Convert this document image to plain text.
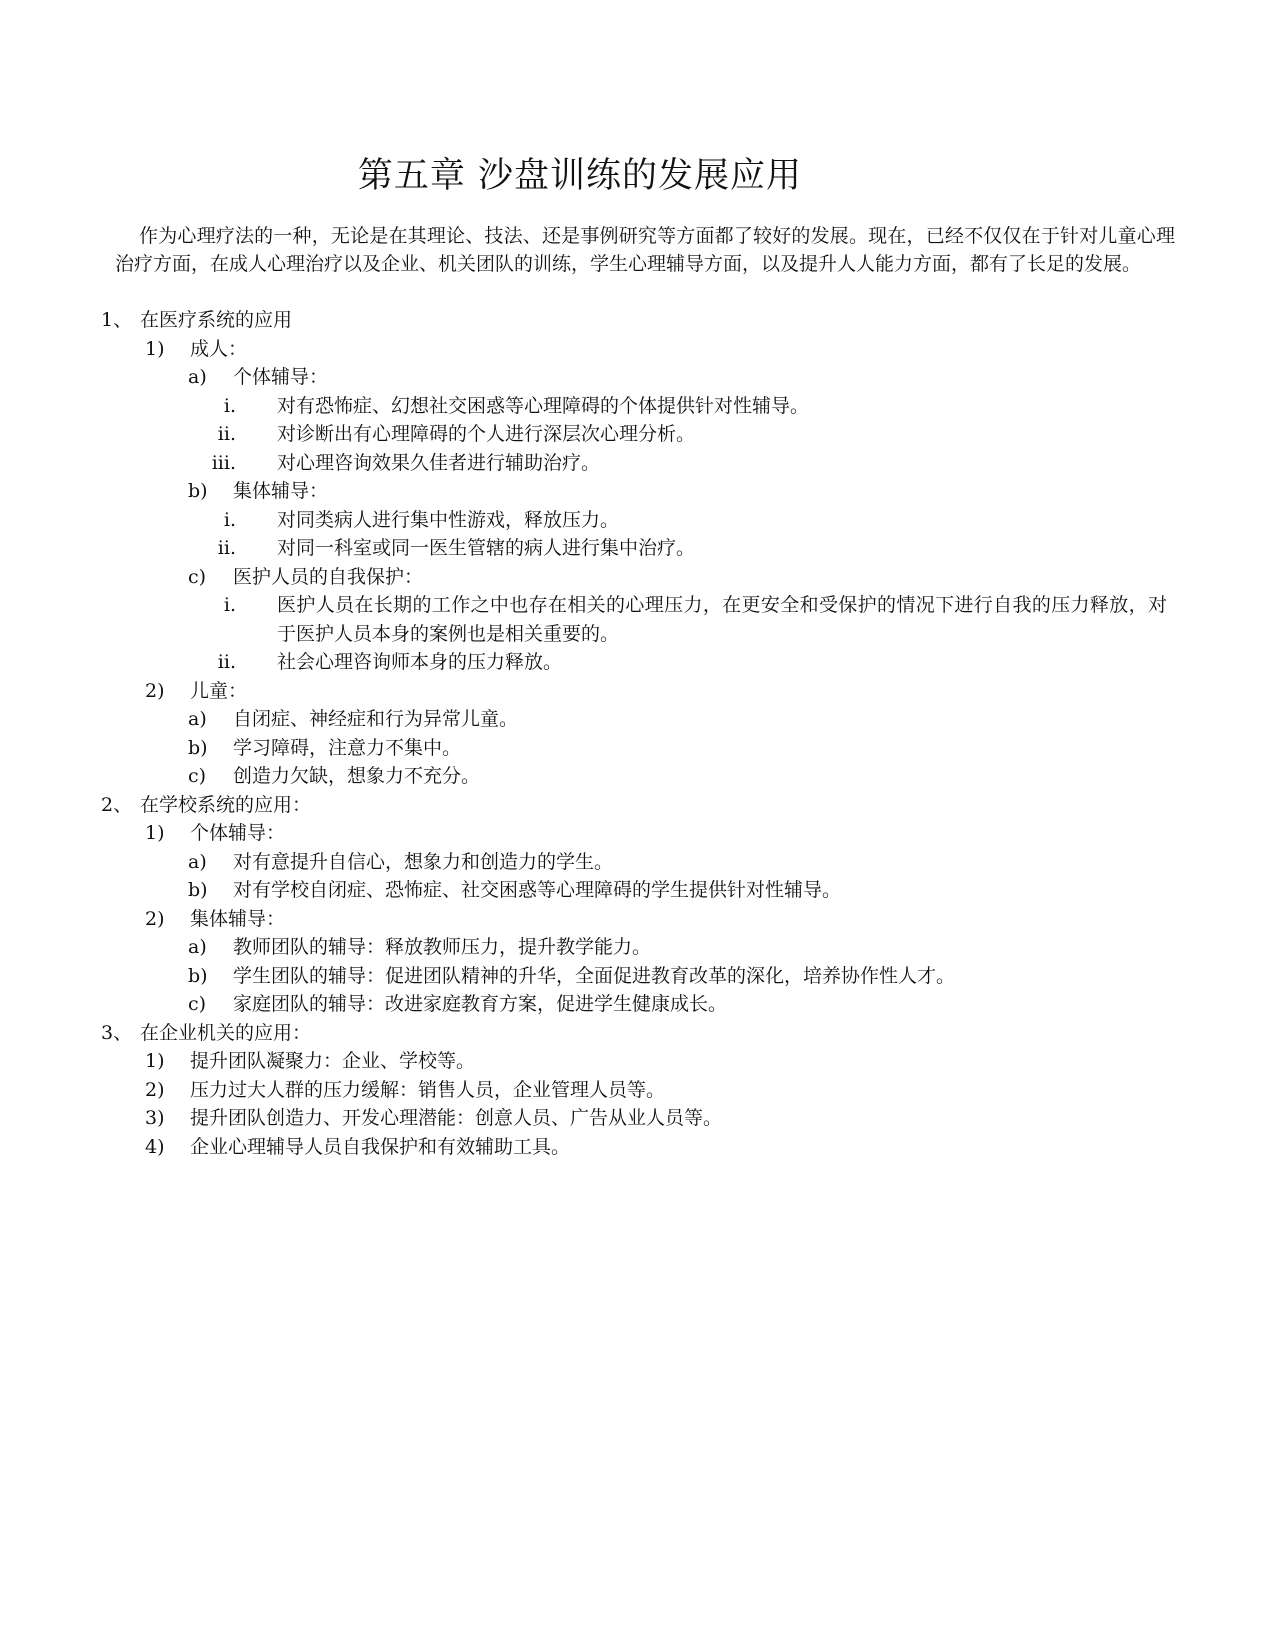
第五章 沙盘训练的发展应用

作为心理疗法的一种，无论是在其理论、技法、还是事例研究等方面都了较好的发展。现在，已经不仅仅在于针对儿童心理治疗方面，在成人心理治疗以及企业、机关团队的训练，学生心理辅导方面，以及提升人人能力方面，都有了长足的发展。

1、 在医疗系统的应用
1) 成人：
a) 个体辅导：
i. 对有恐怖症、幻想社交困惑等心理障碍的个体提供针对性辅导。
ii. 对诊断出有心理障碍的个人进行深层次心理分析。
iii. 对心理咨询效果久佳者进行辅助治疗。
b) 集体辅导：
i. 对同类病人进行集中性游戏，释放压力。
ii. 对同一科室或同一医生管辖的病人进行集中治疗。
c) 医护人员的自我保护：
i. 医护人员在长期的工作之中也存在相关的心理压力，在更安全和受保护的情况下进行自我的压力释放，对于医护人员本身的案例也是相关重要的。
ii. 社会心理咨询师本身的压力释放。
2) 儿童：
a) 自闭症、神经症和行为异常儿童。
b) 学习障碍，注意力不集中。
c) 创造力欠缺，想象力不充分。
2、 在学校系统的应用：
1) 个体辅导：
a) 对有意提升自信心，想象力和创造力的学生。
b) 对有学校自闭症、恐怖症、社交困惑等心理障碍的学生提供针对性辅导。
2) 集体辅导：
a) 教师团队的辅导：释放教师压力，提升教学能力。
b) 学生团队的辅导：促进团队精神的升华，全面促进教育改革的深化，培养协作性人才。
c) 家庭团队的辅导：改进家庭教育方案，促进学生健康成长。
3、 在企业机关的应用：
1) 提升团队凝聚力：企业、学校等。
2) 压力过大人群的压力缓解：销售人员，企业管理人员等。
3) 提升团队创造力、开发心理潜能：创意人员、广告从业人员等。
4) 企业心理辅导人员自我保护和有效辅助工具。
